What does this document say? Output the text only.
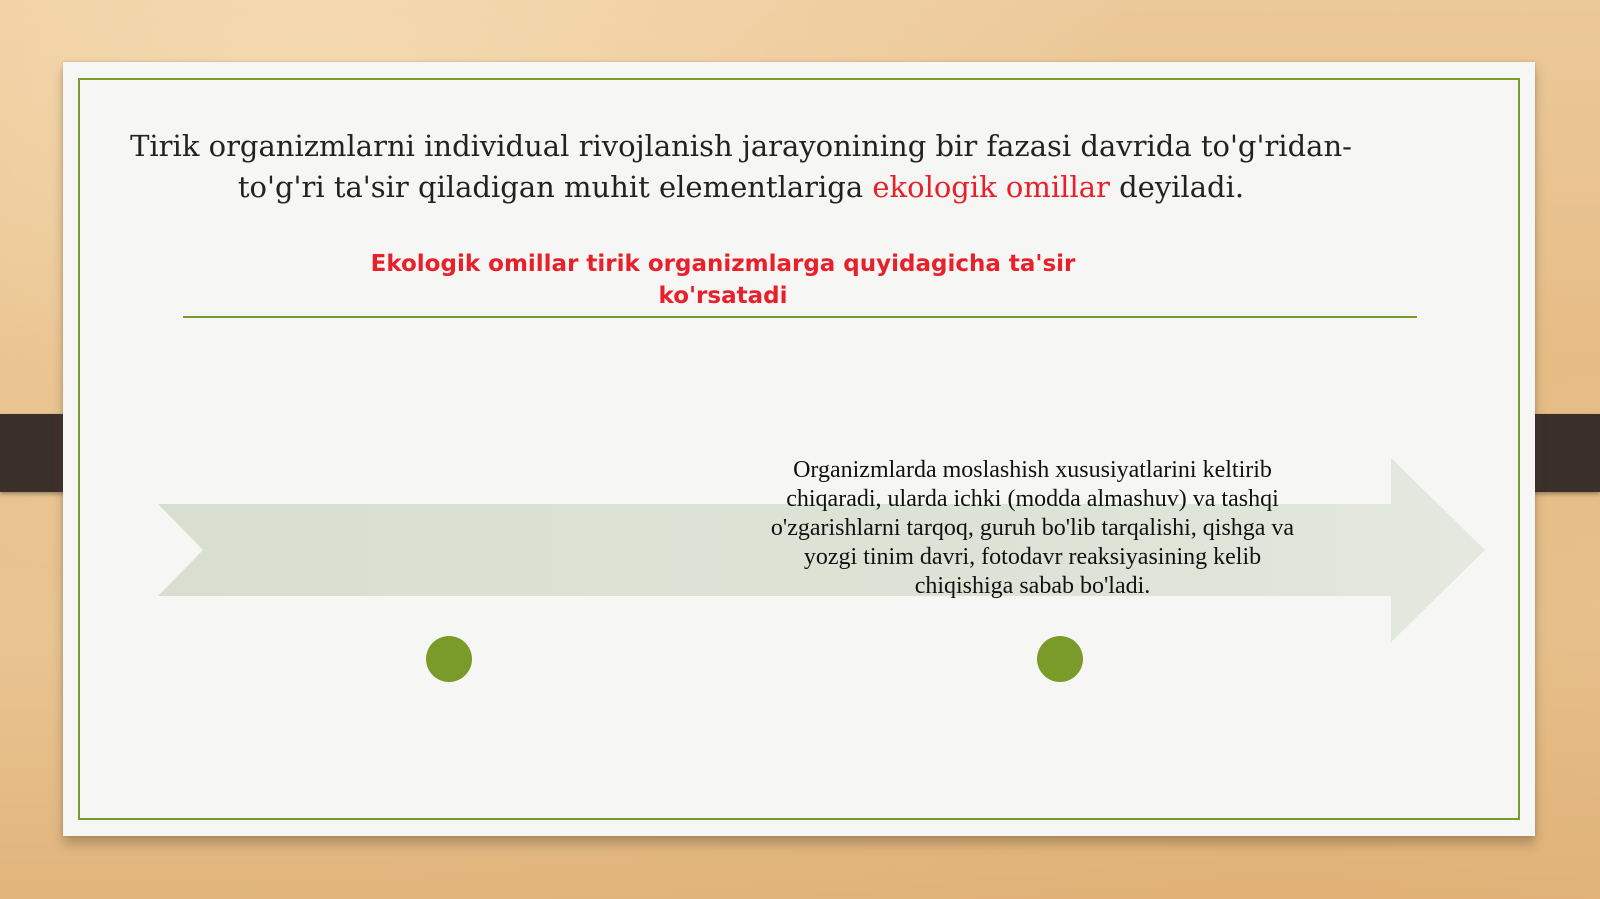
Tirik organizmlarni individual rivojlanish jarayonining bir fazasi davrida to'g'ridan-to'g'ri ta'sir qiladigan muhit elementlariga ekologik omillar deyiladi.

Ekologik omillar tirik organizmlarga quyidagicha ta'sir ko'rsatadi

Organizmlarda moslashish xususiyatlarini keltirib chiqaradi, ularda ichki (modda almashuv) va tashqi o'zgarishlarni tarqoq, guruh bo'lib tarqalishi, qishga va yozgi tinim davri, fotodavr reaksiyasining kelib chiqishiga sabab bo'ladi.
